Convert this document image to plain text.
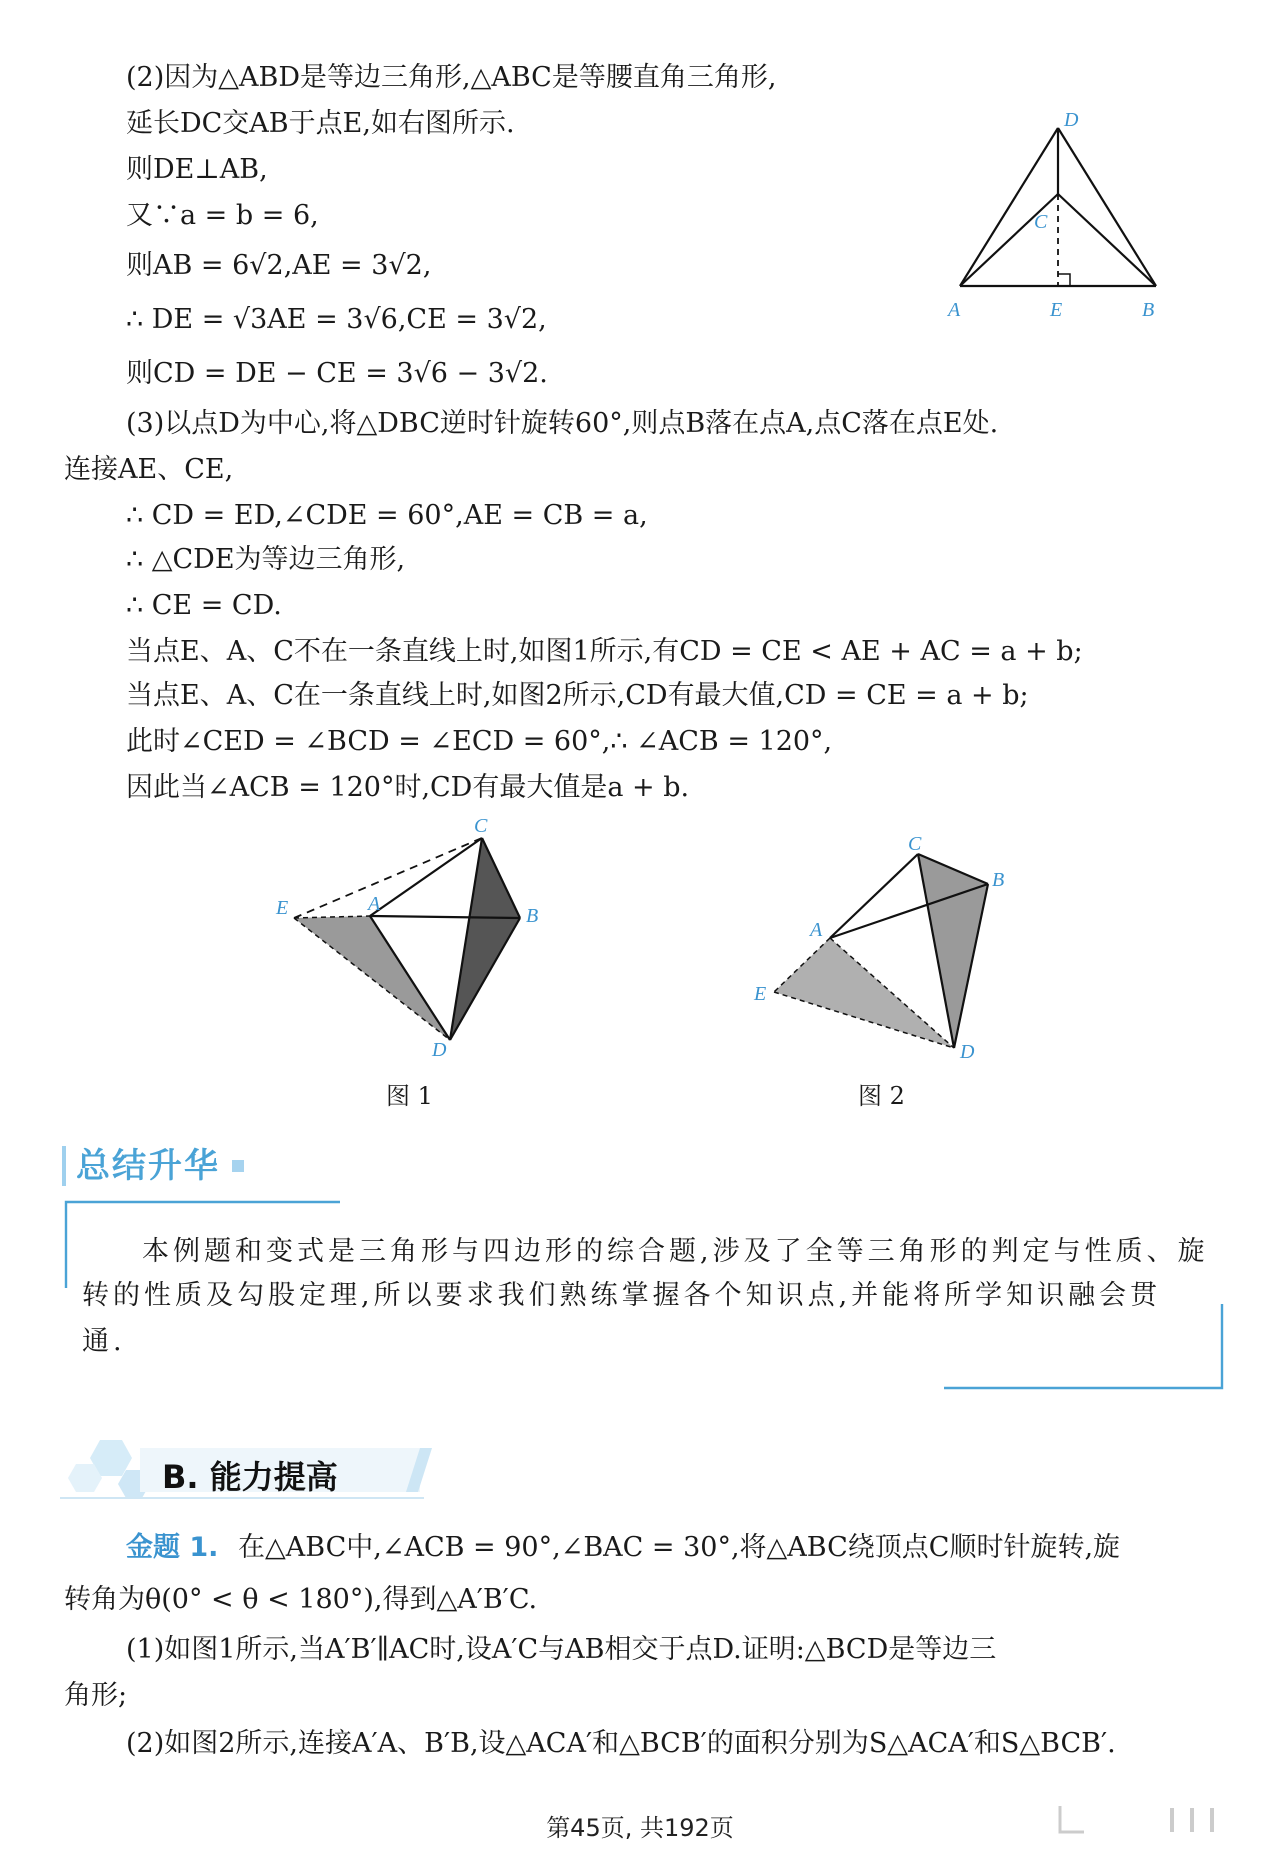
(2)因为△ABD是等边三角形,△ABC是等腰直角三角形,
延长DC交AB于点E,如右图所示.
则DE⊥AB,
又∵a = b = 6,
则AB = 6√2,AE = 3√2,
∴ DE = √3AE = 3√6,CE = 3√2,
则CD = DE − CE = 3√6 − 3√2.
(3)以点D为中心,将△DBC逆时针旋转60°,则点B落在点A,点C落在点E处.
连接AE、CE,
∴ CD = ED,∠CDE = 60°,AE = CB = a,
∴ △CDE为等边三角形,
∴ CE = CD.
当点E、A、C不在一条直线上时,如图1所示,有CD = CE < AE + AC = a + b;
当点E、A、C在一条直线上时,如图2所示,CD有最大值,CD = CE = a + b;
此时∠CED = ∠BCD = ∠ECD = 60°,∴ ∠ACB = 120°,
因此当∠ACB = 120°时,CD有最大值是a + b.
D
C
A	E	B
C
E	A
B
D
图 1
C
B
A
E
D
图 2
总结升华
本例题和变式是三角形与四边形的综合题,涉及了全等三角形的判定与性质、旋
转的性质及勾股定理,所以要求我们熟练掌握各个知识点,并能将所学知识融会贯
通.
B. 能力提高
金题 1. 在△ABC中,∠ACB = 90°,∠BAC = 30°,将△ABC绕顶点C顺时针旋转,旋
转角为θ(0° < θ < 180°),得到△A′B′C.
(1)如图1所示,当A′B′∥AC时,设A′C与AB相交于点D.证明:△BCD是等边三
角形;
(2)如图2所示,连接A′A、B′B,设△ACA′和△BCB′的面积分别为S△ACA′和S△BCB′.
第45页, 共192页
